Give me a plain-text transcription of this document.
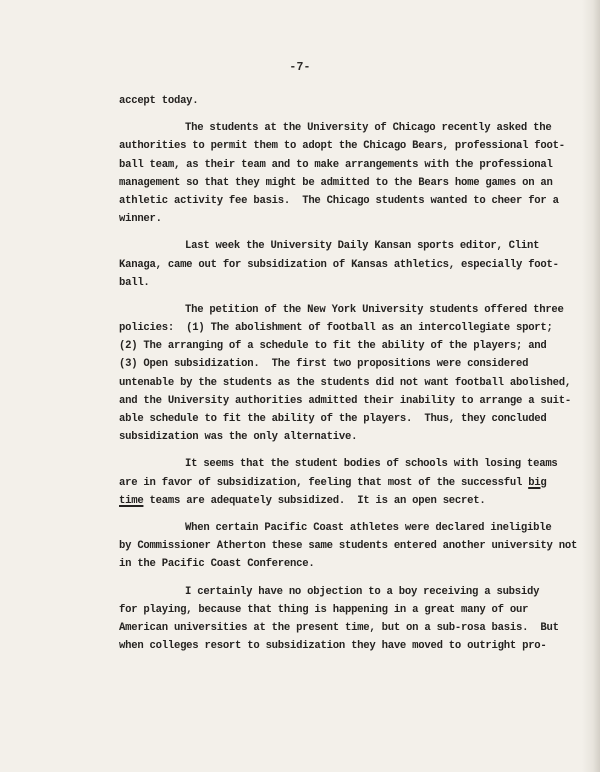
-7-
accept today.
The students at the University of Chicago recently asked the
authorities to permit them to adopt the Chicago Bears, professional foot-
ball team, as their team and to make arrangements with the professional
management so that they might be admitted to the Bears home games on an
athletic activity fee basis.  The Chicago students wanted to cheer for a
winner.
Last week the University Daily Kansan sports editor, Clint
Kanaga, came out for subsidization of Kansas athletics, especially foot-
ball.
The petition of the New York University students offered three
policies:  (1) The abolishment of football as an intercollegiate sport;
(2) The arranging of a schedule to fit the ability of the players; and
(3) Open subsidization.  The first two propositions were considered
untenable by the students as the students did not want football abolished,
and the University authorities admitted their inability to arrange a suit-
able schedule to fit the ability of the players.  Thus, they concluded
subsidization was the only alternative.
It seems that the student bodies of schools with losing teams
are in favor of subsidization, feeling that most of the successful big
time teams are adequately subsidized.  It is an open secret.
When certain Pacific Coast athletes were declared ineligible
by Commissioner Atherton these same students entered another university not
in the Pacific Coast Conference.
I certainly have no objection to a boy receiving a subsidy
for playing, because that thing is happening in a great many of our
American universities at the present time, but on a sub-rosa basis.  But
when colleges resort to subsidization they have moved to outright pro-
